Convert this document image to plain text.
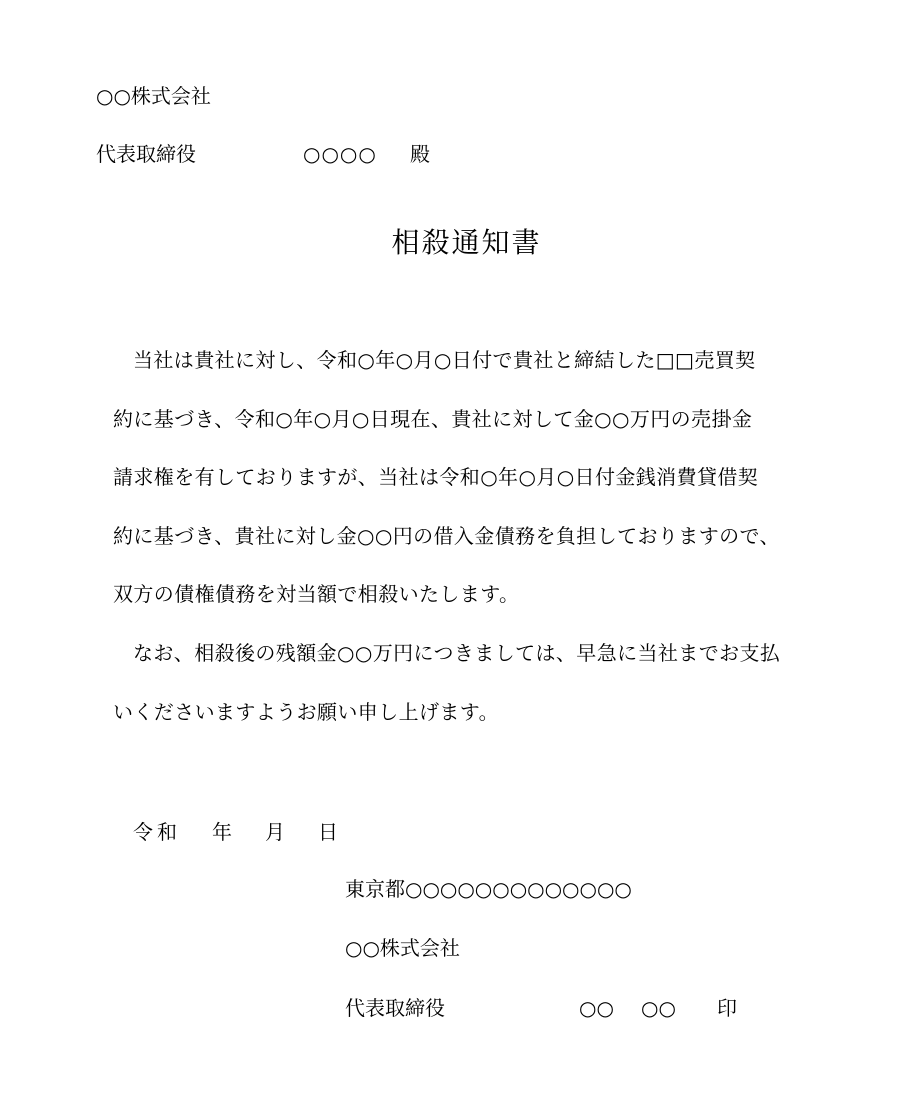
○○株式会社
代表取締役	○○○○ 殿
相殺通知書
当社は貴社に対し、令和○年○月○日付で貴社と締結した□□売買契
約に基づき、令和○年○月○日現在、貴社に対して金○○万円の売掛金
請求権を有しておりますが、当社は令和○年○月○日付金銭消費貸借契
約に基づき、貴社に対し金○○円の借入金債務を負担しておりますので、
双方の債権債務を対当額で相殺いたします。
なお、相殺後の残額金○○万円につきましては、早急に当社までお支払
いくださいますようお願い申し上げます。
令和 年 月 日
東京都○○○○○○○○○○○○○
○○株式会社
代表取締役	○○ ○○ 印
